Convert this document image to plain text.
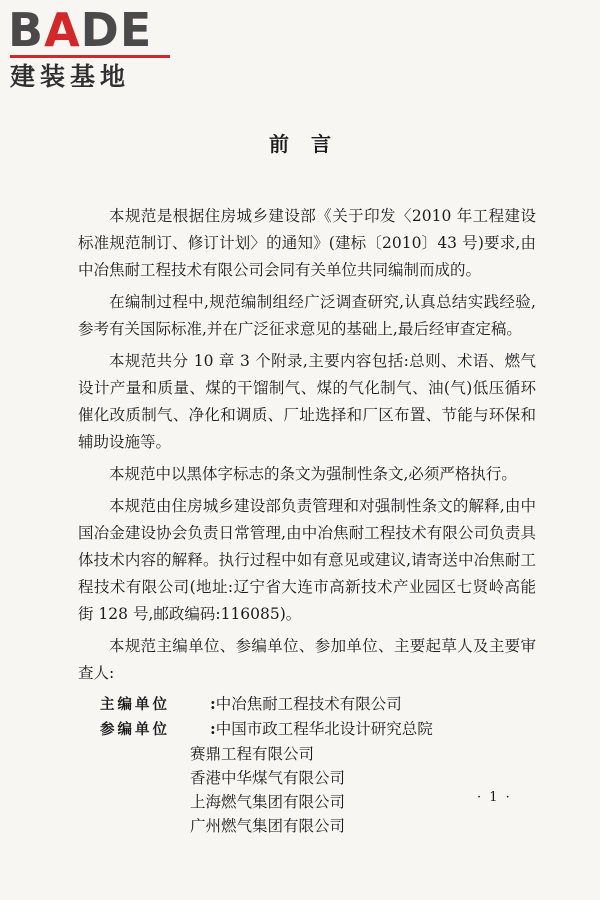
BADE
建装基地
前言

本规范是根据住房城乡建设部《关于印发〈2010 年工程建设标准规范制订、修订计划〉的通知》(建标〔2010〕43 号)要求,由中冶焦耐工程技术有限公司会同有关单位共同编制而成的。

在编制过程中,规范编制组经广泛调查研究,认真总结实践经验,参考有关国际标准,并在广泛征求意见的基础上,最后经审查定稿。

本规范共分 10 章 3 个附录,主要内容包括:总则、术语、燃气设计产量和质量、煤的干馏制气、煤的气化制气、油(气)低压循环催化改质制气、净化和调质、厂址选择和厂区布置、节能与环保和辅助设施等。

本规范中以黑体字标志的条文为强制性条文,必须严格执行。

本规范由住房城乡建设部负责管理和对强制性条文的解释,由中国冶金建设协会负责日常管理,由中冶焦耐工程技术有限公司负责具体技术内容的解释。执行过程中如有意见或建议,请寄送中冶焦耐工程技术有限公司(地址:辽宁省大连市高新技术产业园区七贤岭高能街 128 号,邮政编码:116085)。

本规范主编单位、参编单位、参加单位、主要起草人及主要审查人:

主编单位	:中冶焦耐工程技术有限公司
参编单位	:中国市政工程华北设计研究总院
赛鼎工程有限公司
香港中华煤气有限公司
上海燃气集团有限公司
广州燃气集团有限公司
· 1 ·
